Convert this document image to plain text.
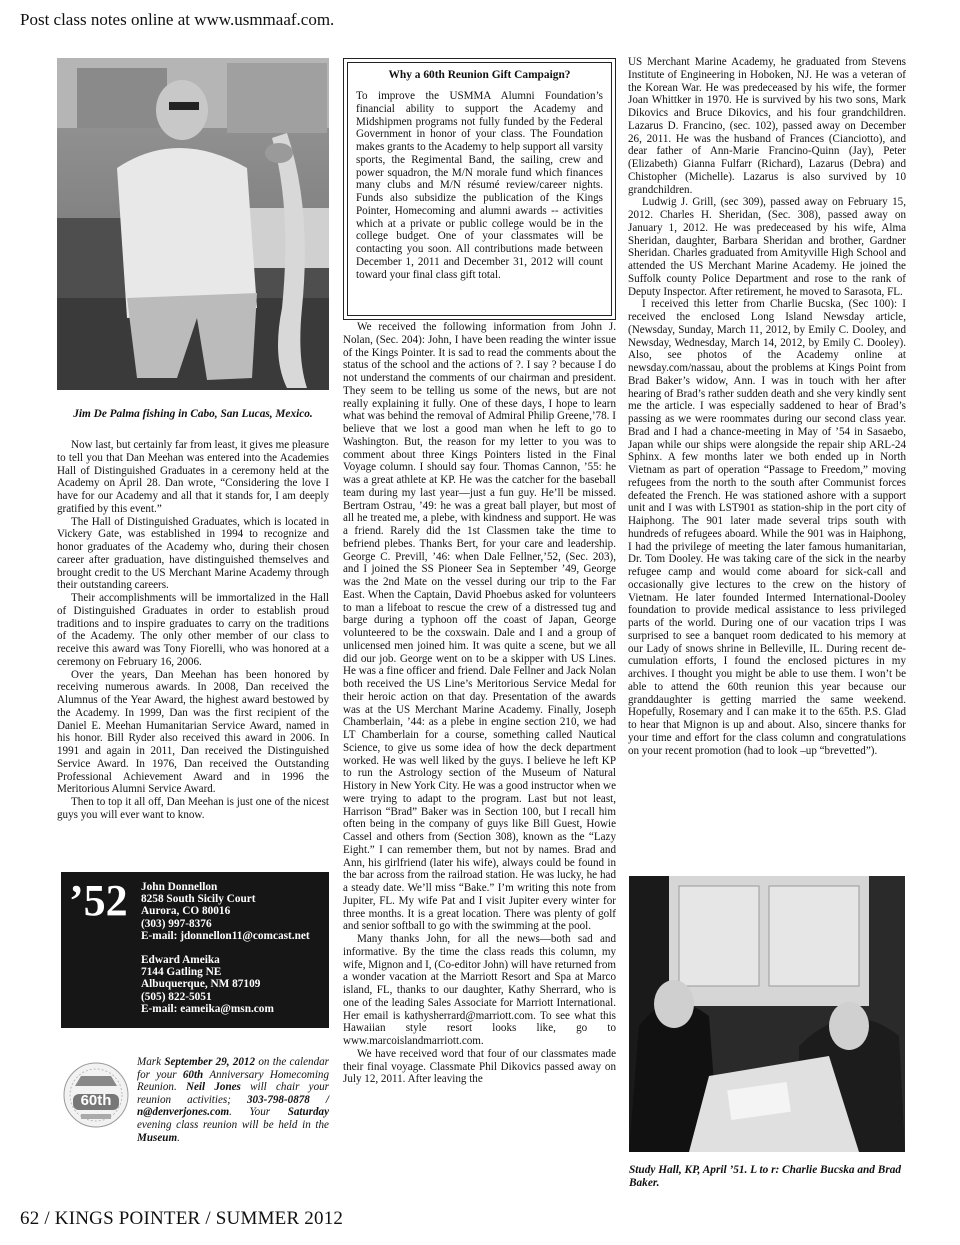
Post class notes online at www.usmmaaf.com.
Jim De Palma fishing in Cabo, San Lucas, Mexico.

Now last, but certainly far from least, it gives me pleasure to tell you that Dan Meehan was entered into the Academies Hall of Distinguished Graduates in a ceremony held at the Academy on April 28. Dan wrote, “Considering the love I have for our Academy and all that it stands for, I am deeply gratified by this event.”

The Hall of Distinguished Graduates, which is located in Vickery Gate, was established in 1994 to recognize and honor graduates of the Academy who, during their chosen career after graduation, have distinguished themselves and brought credit to the US Merchant Marine Academy through their outstanding careers.

Their accomplishments will be immortalized in the Hall of Distinguished Graduates in order to establish proud traditions and to inspire graduates to carry on the traditions of the Academy. The only other member of our class to receive this award was Tony Fiorelli, who was honored at a ceremony on February 16, 2006.

Over the years, Dan Meehan has been honored by receiving numerous awards. In 2008, Dan received the Alumnus of the Year Award, the highest award bestowed by the Academy. In 1999, Dan was the first recipient of the Daniel E. Meehan Humanitarian Service Award, named in his honor. Bill Ryder also received this award in 2006. In 1991 and again in 2011, Dan received the Distinguished Service Award. In 1976, Dan received the Outstanding Professional Achievement Award and in 1996 the Meritorious Alumni Service Award.

Then to top it all off, Dan Meehan is just one of the nicest guys you will ever want to know.

’52	John Donnellon
8258 South Sicily Court
Aurora, CO 80016
(303) 997-8376
E-mail: jdonnellon11@comcast.net
Edward Ameika
7144 Gatling NE
Albuquerque, NM 87109
(505) 822-5051
E-mail: eameika@msn.com
60th
Mark September 29, 2012 on the calendar for your 60th Anniversary Homecoming Reunion. Neil Jones will chair your reunion activities; 303-798-0878 / n@denverjones.com. Your Saturday evening class reunion will be held in the Museum.
Why a 60th Reunion Gift Campaign?

To improve the USMMA Alumni Foundation’s financial ability to support the Academy and Midshipmen programs not fully funded by the Federal Government in honor of your class. The Foundation makes grants to the Academy to help support all varsity sports, the Regimental Band, the sailing, crew and power squadron, the M/N morale fund which finances many clubs and M/N résumé review/career nights. Funds also subsidize the publication of the Kings Pointer, Homecoming and alumni awards -- activities which at a private or public college would be in the college budget. One of your classmates will be contacting you soon. All contributions made between December 1, 2011 and December 31, 2012 will count toward your final class gift total.

We received the following information from John J. Nolan, (Sec. 204): John, I have been reading the winter issue of the Kings Pointer. It is sad to read the comments about the status of the school and the actions of ?. I say ? because I do not understand the comments of our chairman and president. They seem to be telling us some of the news, but are not really explaining it fully. One of these days, I hope to learn what was behind the removal of Admiral Philip Greene,’78. I believe that we lost a good man when he left to go to Washington. But, the reason for my letter to you was to comment about three Kings Pointers listed in the Final Voyage column. I should say four. Thomas Cannon, ’55: he was a great athlete at KP. He was the catcher for the baseball team during my last year—just a fun guy. He’ll be missed. Bertram Ostrau, ’49: he was a great ball player, but most of all he treated me, a plebe, with kindness and support. He was a friend. Rarely did the 1st Classmen take the time to befriend plebes. Thanks Bert, for your care and leadership. George C. Previll, ’46: when Dale Fellner,’52, (Sec. 203), and I joined the SS Pioneer Sea in September ’49, George was the 2nd Mate on the vessel during our trip to the Far East. When the Captain, David Phoebus asked for volunteers to man a lifeboat to rescue the crew of a distressed tug and barge during a typhoon off the coast of Japan, George volunteered to be the coxswain. Dale and I and a group of unlicensed men joined him. It was quite a scene, but we all did our job. George went on to be a skipper with US Lines. He was a fine officer and friend. Dale Fellner and Jack Nolan both received the US Line’s Meritorious Service Medal for their heroic action on that day. Presentation of the awards was at the US Merchant Marine Academy. Finally, Joseph Chamberlain, ’44: as a plebe in engine section 210, we had LT Chamberlain for a course, something called Nautical Science, to give us some idea of how the deck department worked. He was well liked by the guys. I believe he left KP to run the Astrology section of the Museum of Natural History in New York City. He was a good instructor when we were trying to adapt to the program. Last but not least, Harrison “Brad” Baker was in Section 100, but I recall him often being in the company of guys like Bill Guest, Howie Cassel and others from (Section 308), known as the “Lazy Eight.” I can remember them, but not by names. Brad and Ann, his girlfriend (later his wife), always could be found in the bar across from the railroad station. He was lucky, he had a steady date. We’ll miss “Bake.” I’m writing this note from Jupiter, FL. My wife Pat and I visit Jupiter every winter for three months. It is a great location. There was plenty of golf and senior softball to go with the swimming at the pool.

Many thanks John, for all the news—both sad and informative. By the time the class reads this column, my wife, Mignon and I, (Co-editor John) will have returned from a wonder vacation at the Marriott Resort and Spa at Marco island, FL, thanks to our daughter, Kathy Sherrard, who is one of the leading Sales Associate for Marriott International. Her email is kathysherrard@marriott.com. To see what this Hawaiian style resort looks like, go to www.marcoislandmarriott.com.

We have received word that four of our classmates made their final voyage. Classmate Phil Dikovics passed away on July 12, 2011. After leaving the

US Merchant Marine Academy, he graduated from Stevens Institute of Engineering in Hoboken, NJ. He was a veteran of the Korean War. He was predeceased by his wife, the former Joan Whittker in 1970. He is survived by his two sons, Mark Dikovics and Bruce Dikovics, and his four grandchildren. Lazarus D. Francino, (sec. 102), passed away on December 26, 2011. He was the husband of Frances (Cianciotto), and dear father of Ann-Marie Francino-Quinn (Jay), Peter (Elizabeth) Gianna Fulfarr (Richard), Lazarus (Debra) and Chistopher (Michelle). Lazarus is also survived by 10 grandchildren.

Ludwig J. Grill, (sec 309), passed away on February 15, 2012. Charles H. Sheridan, (Sec. 308), passed away on January 1, 2012. He was predeceased by his wife, Alma Sheridan, daughter, Barbara Sheridan and brother, Gardner Sheridan. Charles graduated from Amityville High School and attended the US Merchant Marine Academy. He joined the Suffolk county Police Department and rose to the rank of Deputy Inspector. After retirement, he moved to Sarasota, FL.

I received this letter from Charlie Bucska, (Sec 100): I received the enclosed Long Island Newsday article, (Newsday, Sunday, March 11, 2012, by Emily C. Dooley, and Newsday, Wednesday, March 14, 2012, by Emily C. Dooley). Also, see photos of the Academy online at newsday.com/nassau, about the problems at Kings Point from Brad Baker’s widow, Ann. I was in touch with her after hearing of Brad’s rather sudden death and she very kindly sent me the article. I was especially saddened to hear of Brad’s passing as we were roommates during our second class year. Brad and I had a chance-meeting in May of ’54 in Sasaebo, Japan while our ships were alongside the repair ship ARL-24 Sphinx. A few months later we both ended up in North Vietnam as part of operation “Passage to Freedom,” moving refugees from the north to the south after Communist forces defeated the French. He was stationed ashore with a support unit and I was with LST901 as station-ship in the port city of Haiphong. The 901 later made several trips south with hundreds of refugees aboard. While the 901 was in Haiphong, I had the privilege of meeting the later famous humanitarian, Dr. Tom Dooley. He was taking care of the sick in the nearby refugee camp and would come aboard for sick-call and occasionally give lectures to the crew on the history of Vietnam. He later founded Intermed International-Dooley foundation to provide medical assistance to less privileged parts of the world. During one of our vacation trips I was surprised to see a banquet room dedicated to his memory at our Lady of snows shrine in Belleville, IL. During recent de-cumulation efforts, I found the enclosed pictures in my archives. I thought you might be able to use them. I won’t be able to attend the 60th reunion this year because our granddaughter is getting married the same weekend. Hopefully, Rosemary and I can make it to the 65th. P.S. Glad to hear that Mignon is up and about. Also, sincere thanks for your time and effort for the class column and congratulations on your recent promotion (had to look –up “brevetted”).

Study Hall, KP, April ’51. L to r: Charlie Bucska and Brad Baker.
62 / KINGS POINTER / SUMMER 2012
